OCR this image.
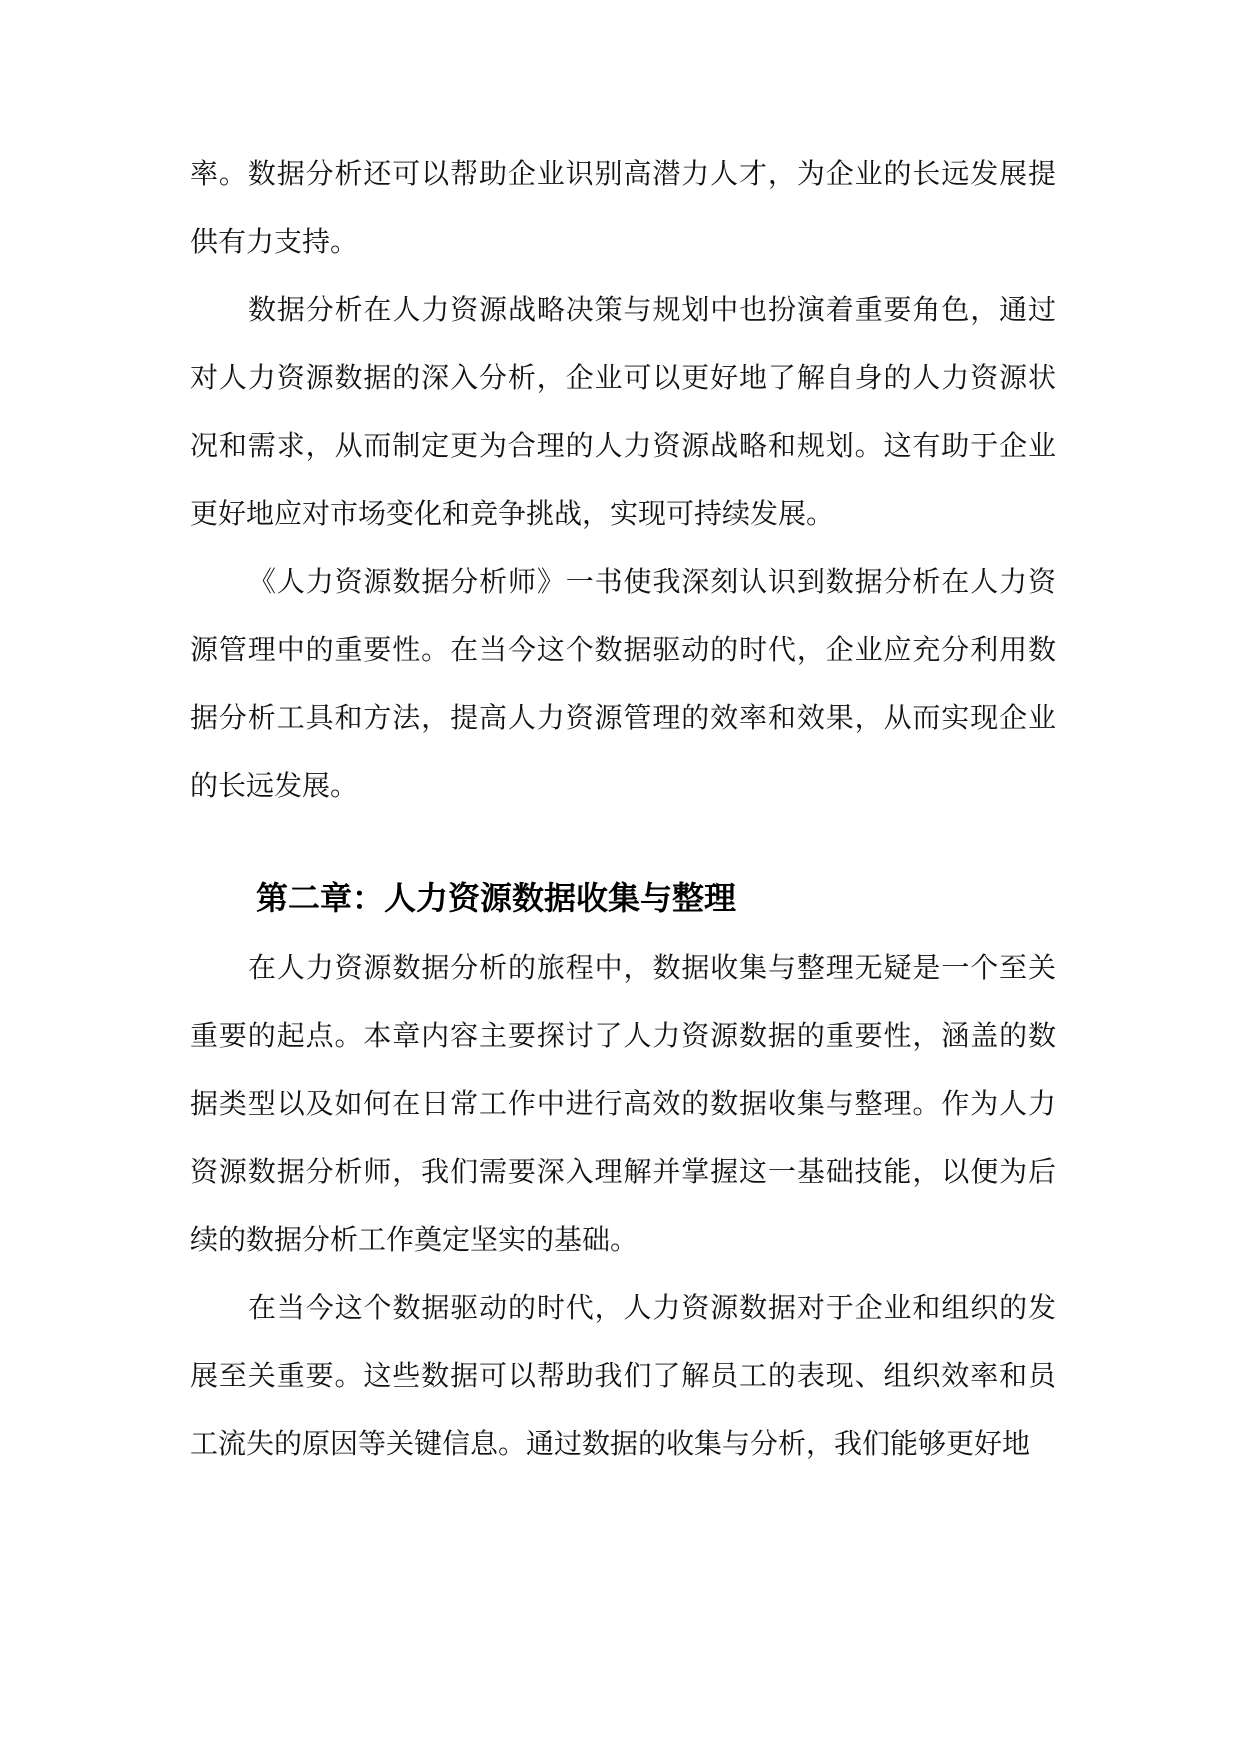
率。数据分析还可以帮助企业识别高潜力人才，为企业的长远发展提供有力支持。

数据分析在人力资源战略决策与规划中也扮演着重要角色，通过对人力资源数据的深入分析，企业可以更好地了解自身的人力资源状况和需求，从而制定更为合理的人力资源战略和规划。这有助于企业更好地应对市场变化和竞争挑战，实现可持续发展。

《人力资源数据分析师》一书使我深刻认识到数据分析在人力资源管理中的重要性。在当今这个数据驱动的时代，企业应充分利用数据分析工具和方法，提高人力资源管理的效率和效果，从而实现企业的长远发展。

第二章：人力资源数据收集与整理

在人力资源数据分析的旅程中，数据收集与整理无疑是一个至关重要的起点。本章内容主要探讨了人力资源数据的重要性，涵盖的数据类型以及如何在日常工作中进行高效的数据收集与整理。作为人力资源数据分析师，我们需要深入理解并掌握这一基础技能，以便为后续的数据分析工作奠定坚实的基础。

在当今这个数据驱动的时代，人力资源数据对于企业和组织的发展至关重要。这些数据可以帮助我们了解员工的表现、组织效率和员工流失的原因等关键信息。通过数据的收集与分析，我们能够更好地
